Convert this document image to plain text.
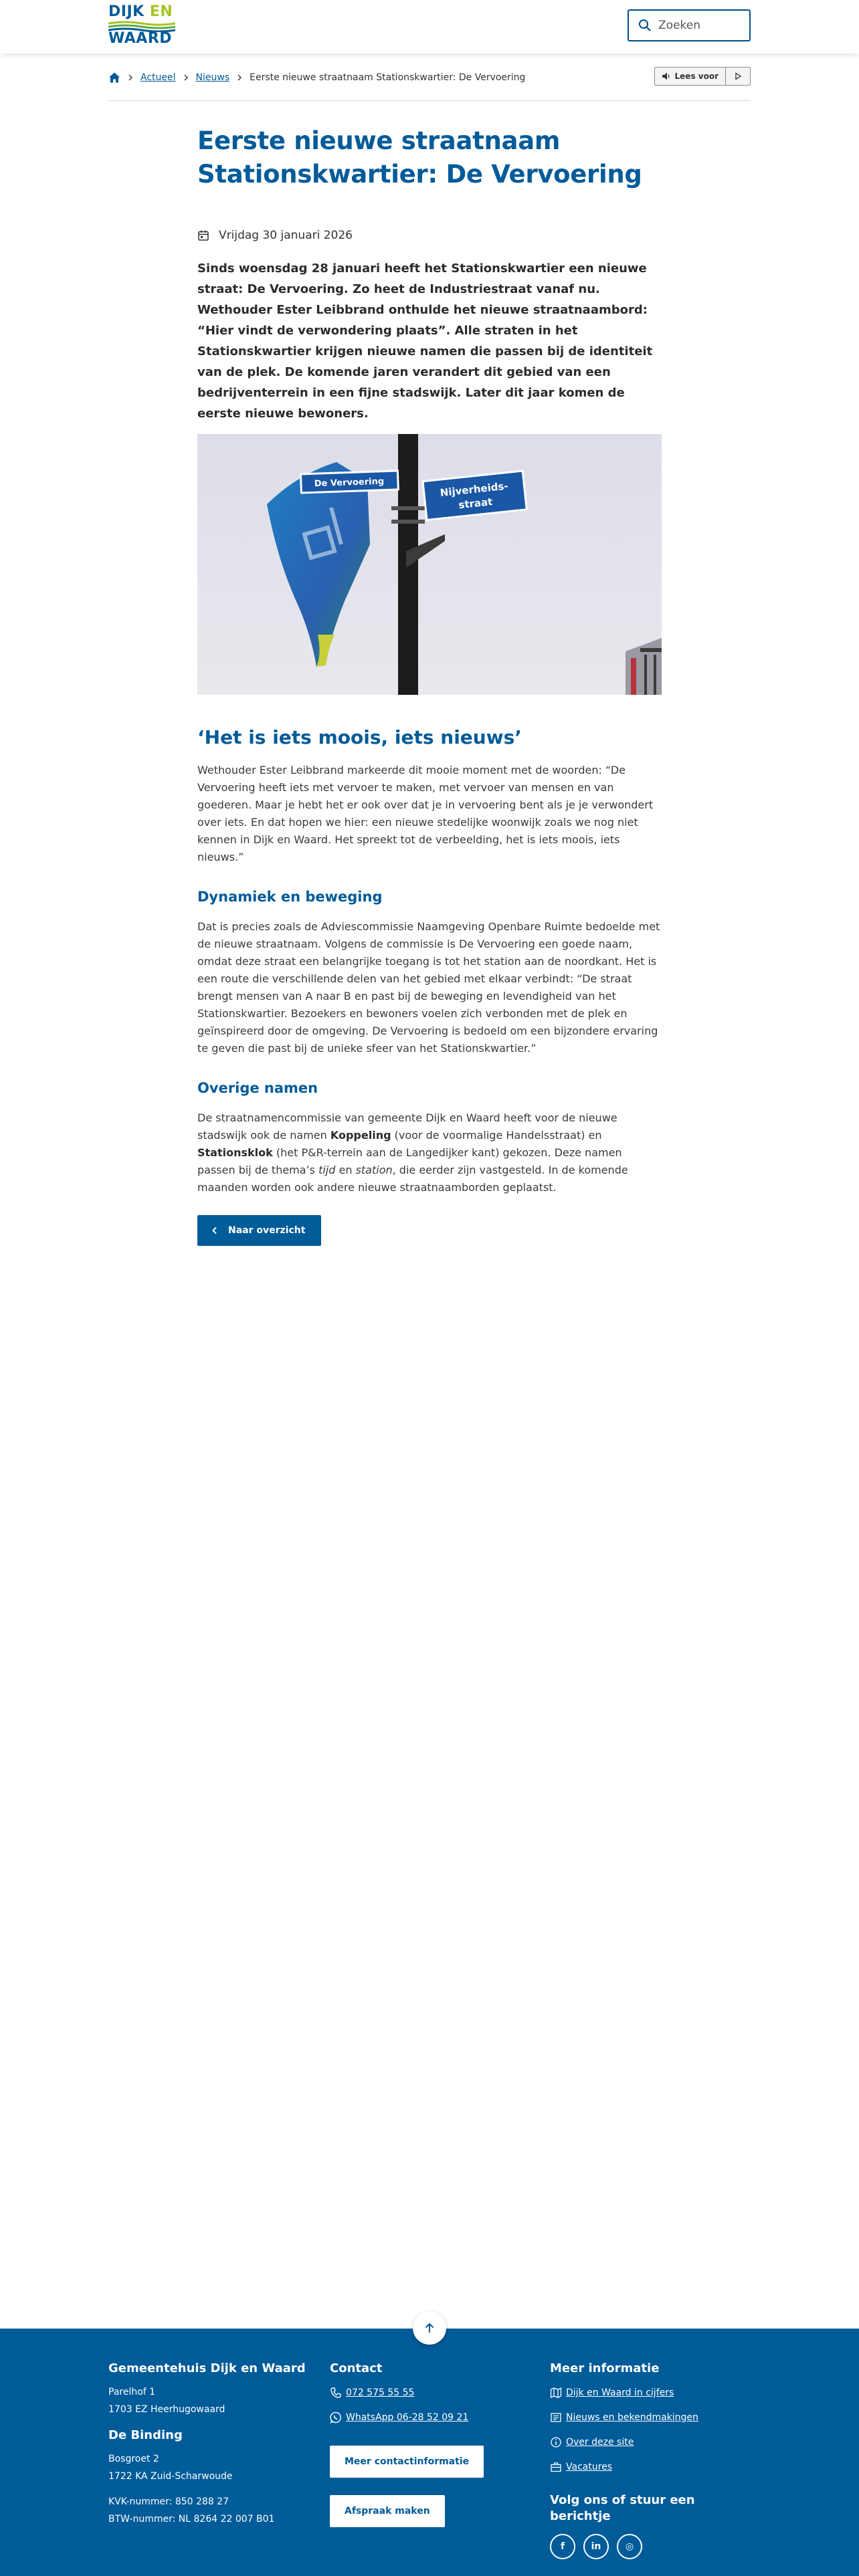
DIJK EN
WAARD
Zoeken
Actueel Nieuws Eerste nieuwe straatnaam Stationskwartier: De Vervoering	Lees voor
Eerste nieuwe straatnaam Stationskwartier: De Vervoering
Vrijdag 30 januari 2026

Sinds woensdag 28 januari heeft het Stationskwartier een nieuwe straat: De Vervoering. Zo heet de Industriestraat vanaf nu. Wethouder Ester Leibbrand onthulde het nieuwe straatnaambord: “Hier vindt de verwondering plaats”. Alle straten in het Stationskwartier krijgen nieuwe namen die passen bij de identiteit van de plek. De komende jaren verandert dit gebied van een bedrijventerrein in een fijne stadswijk. Later dit jaar komen de eerste nieuwe bewoners.

De Vervoering	Nijverheids-
straat
‘Het is iets moois, iets nieuws’

Wethouder Ester Leibbrand markeerde dit mooie moment met de woorden: “De Vervoering heeft iets met vervoer te maken, met vervoer van mensen en van goederen. Maar je hebt het er ook over dat je in vervoering bent als je je verwondert over iets. En dat hopen we hier: een nieuwe stedelijke woonwijk zoals we nog niet kennen in Dijk en Waard. Het spreekt tot de verbeelding, het is iets moois, iets nieuws.”

Dynamiek en beweging

Dat is precies zoals de Adviescommissie Naamgeving Openbare Ruimte bedoelde met de nieuwe straatnaam. Volgens de commissie is De Vervoering een goede naam, omdat deze straat een belangrijke toegang is tot het station aan de noordkant. Het is een route die verschillende delen van het gebied met elkaar verbindt: “De straat brengt mensen van A naar B en past bij de beweging en levendigheid van het Stationskwartier. Bezoekers en bewoners voelen zich verbonden met de plek en geïnspireerd door de omgeving. De Vervoering is bedoeld om een bijzondere ervaring te geven die past bij de unieke sfeer van het Stationskwartier.”

Overige namen

De straatnamencommissie van gemeente Dijk en Waard heeft voor de nieuwe stadswijk ook de namen Koppeling (voor de voormalige Handelsstraat) en Stationsklok (het P&R-terrein aan de Langedijker kant) gekozen. Deze namen passen bij de thema’s tijd en station, die eerder zijn vastgesteld. In de komende maanden worden ook andere nieuwe straatnaamborden geplaatst.

Naar overzicht
Gemeentehuis Dijk en Waard
Parelhof 1
1703 EZ Heerhugowaard
De Binding
Bosgroet 2
1722 KA Zuid-Scharwoude
KVK-nummer: 850 288 27
BTW-nummer: NL 8264 22 007 B01
Contact
072 575 55 55
WhatsApp 06-28 52 09 21
Meer contactinformatie
Afspraak maken
Meer informatie
Dijk en Waard in cijfers
Nieuws en bekendmakingen
Over deze site
Vacatures
Volg ons of stuur een berichtje
f	in	◎
